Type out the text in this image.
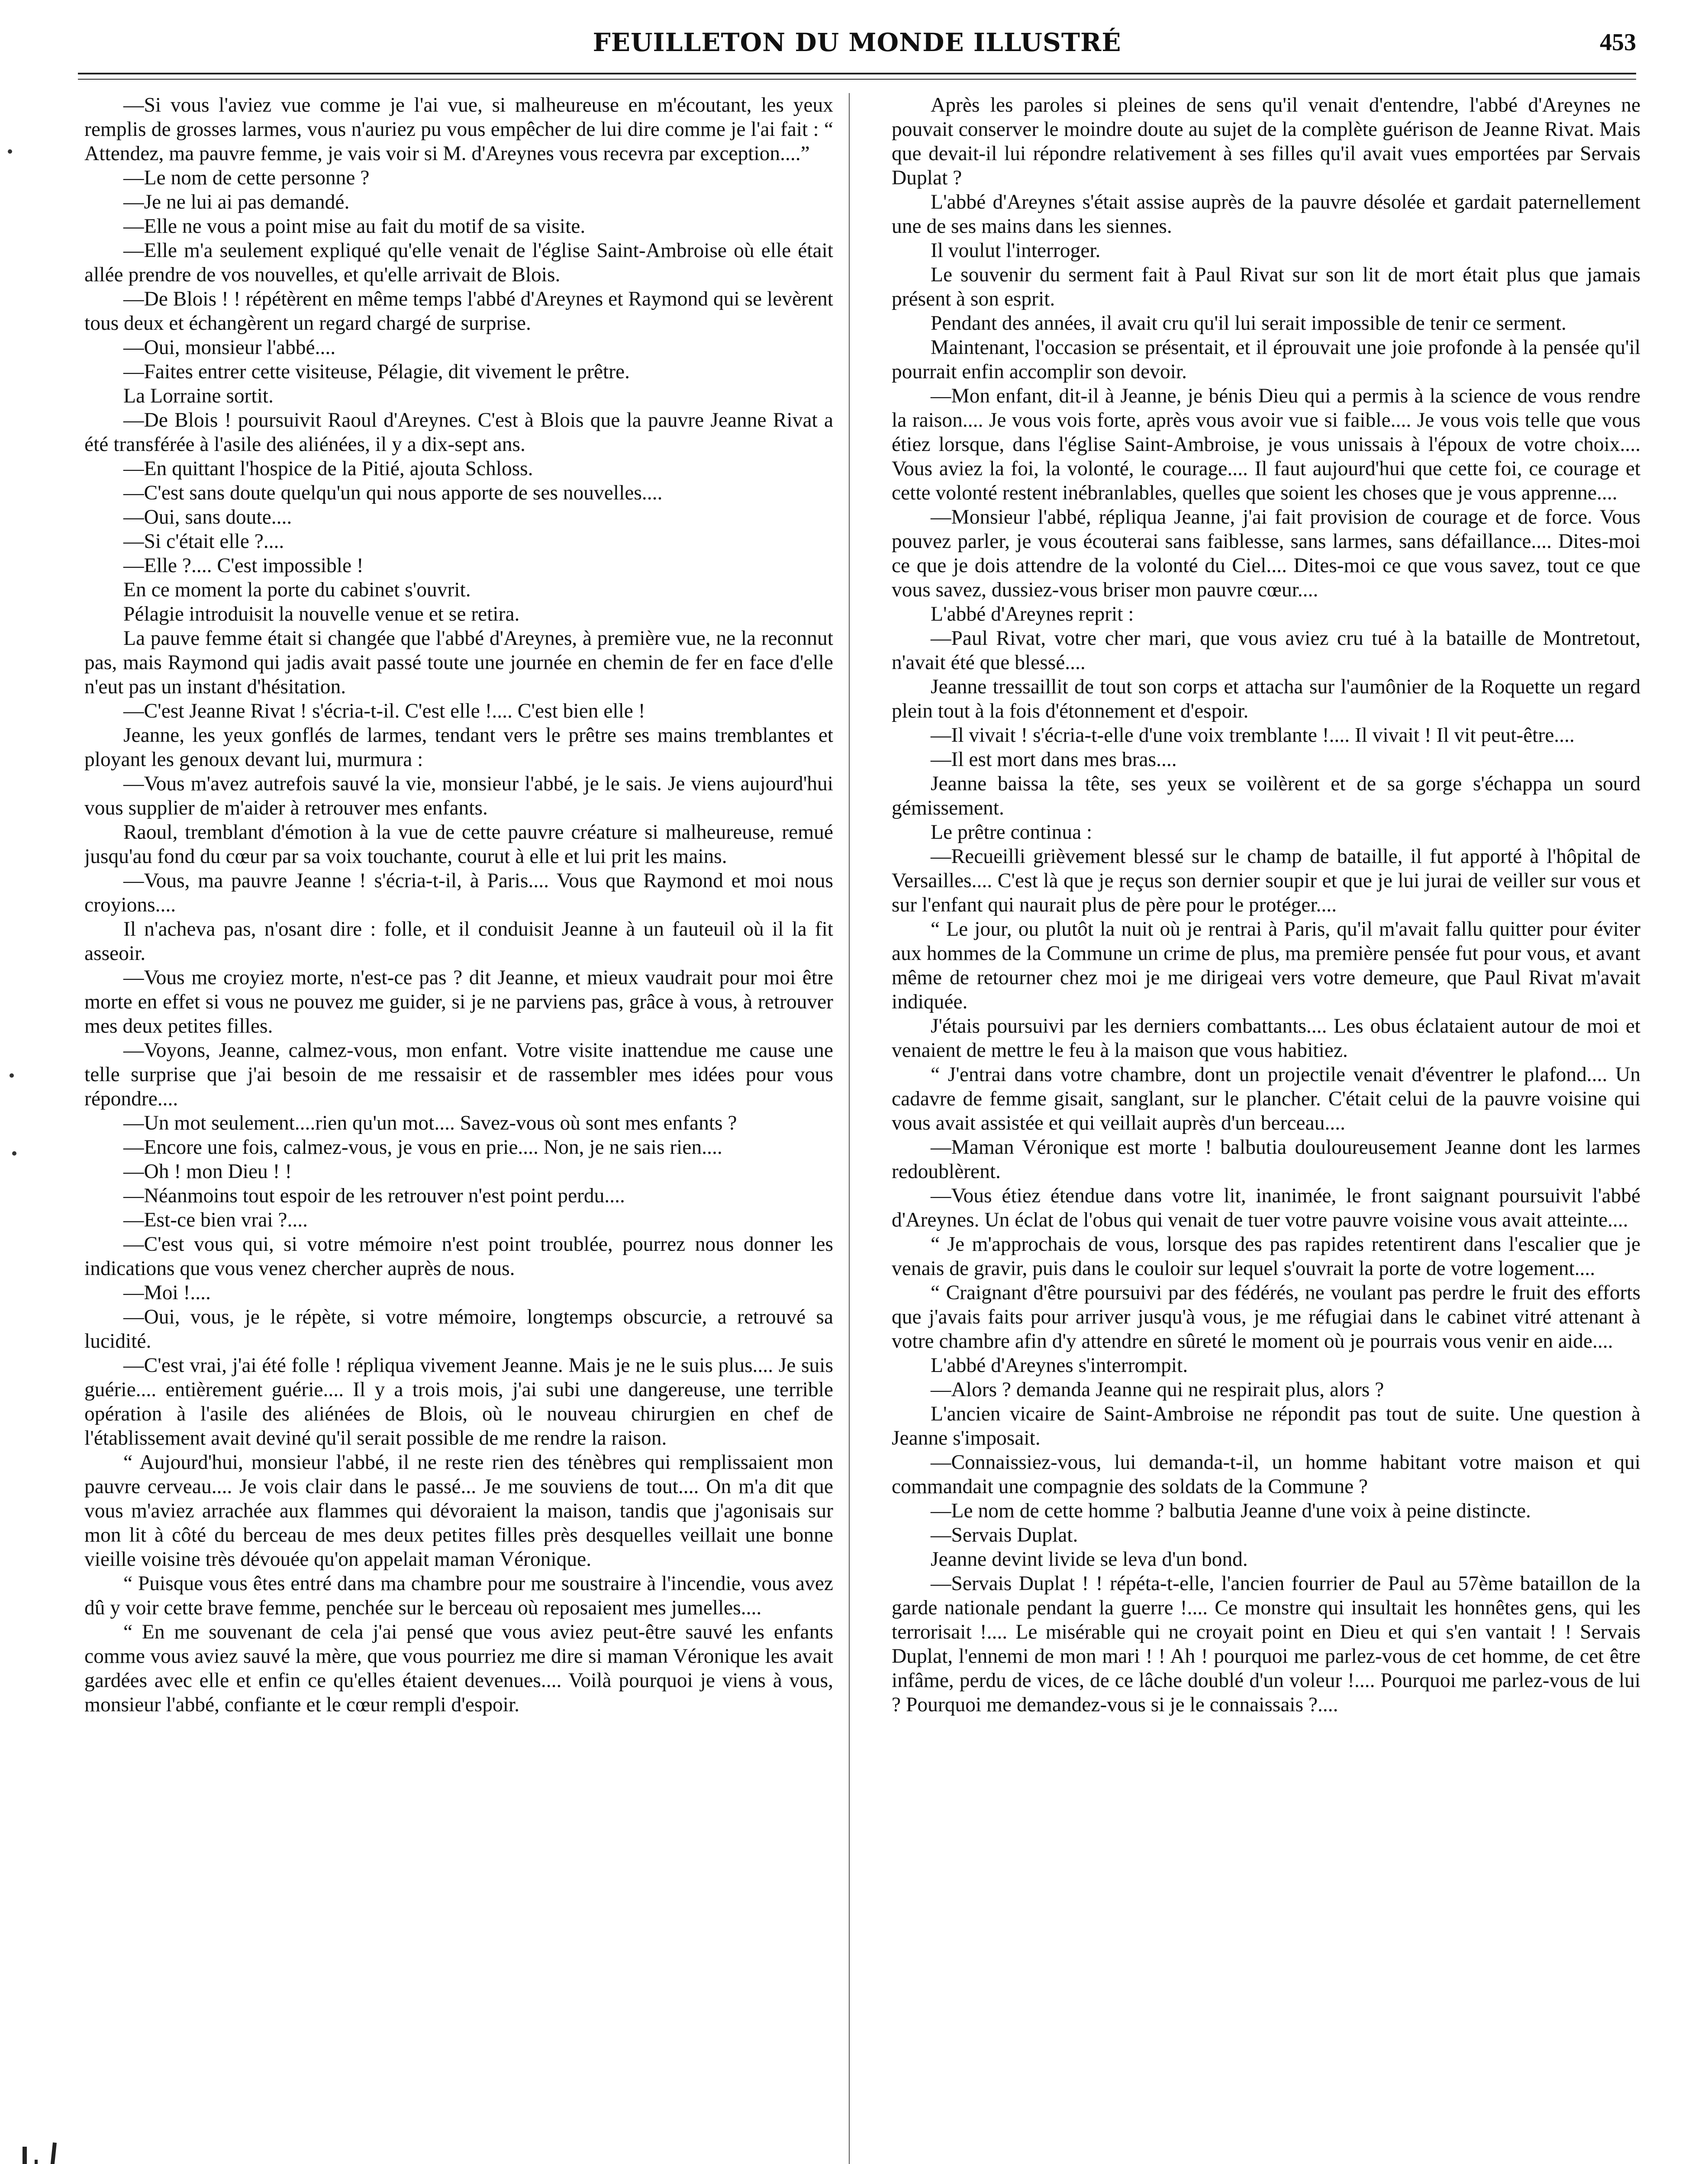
FEUILLETON DU MONDE ILLUSTRÉ	453

—Si vous l'aviez vue comme je l'ai vue, si malheureuse en m'écoutant, les yeux remplis de grosses larmes, vous n'auriez pu vous empêcher de lui dire comme je l'ai fait : “ Attendez, ma pauvre femme, je vais voir si M. d'Areynes vous recevra par exception....”

—Le nom de cette personne ?

—Je ne lui ai pas demandé.

—Elle ne vous a point mise au fait du motif de sa visite.

—Elle m'a seulement expliqué qu'elle venait de l'église Saint-Ambroise où elle était allée prendre de vos nouvelles, et qu'elle arrivait de Blois.

—De Blois ! ! répétèrent en même temps l'abbé d'Areynes et Raymond qui se levèrent tous deux et échangèrent un regard chargé de surprise.

—Oui, monsieur l'abbé....

—Faites entrer cette visiteuse, Pélagie, dit vivement le prêtre.

La Lorraine sortit.

—De Blois ! poursuivit Raoul d'Areynes. C'est à Blois que la pauvre Jeanne Rivat a été transférée à l'asile des aliénées, il y a dix-sept ans.

—En quittant l'hospice de la Pitié, ajouta Schloss.

—C'est sans doute quelqu'un qui nous apporte de ses nouvelles....

—Oui, sans doute....

—Si c'était elle ?....

—Elle ?.... C'est impossible !

En ce moment la porte du cabinet s'ouvrit.

Pélagie introduisit la nouvelle venue et se retira.

La pauve femme était si changée que l'abbé d'Areynes, à première vue, ne la reconnut pas, mais Raymond qui jadis avait passé toute une journée en chemin de fer en face d'elle n'eut pas un instant d'hésitation.

—C'est Jeanne Rivat ! s'écria-t-il. C'est elle !.... C'est bien elle !

Jeanne, les yeux gonflés de larmes, tendant vers le prêtre ses mains tremblantes et ployant les genoux devant lui, murmura :

—Vous m'avez autrefois sauvé la vie, monsieur l'abbé, je le sais. Je viens aujourd'hui vous supplier de m'aider à retrouver mes enfants.

Raoul, tremblant d'émotion à la vue de cette pauvre créature si malheureuse, remué jusqu'au fond du cœur par sa voix touchante, courut à elle et lui prit les mains.

—Vous, ma pauvre Jeanne ! s'écria-t-il, à Paris.... Vous que Raymond et moi nous croyions....

Il n'acheva pas, n'osant dire : folle, et il conduisit Jeanne à un fauteuil où il la fit asseoir.

—Vous me croyiez morte, n'est-ce pas ? dit Jeanne, et mieux vaudrait pour moi être morte en effet si vous ne pouvez me guider, si je ne parviens pas, grâce à vous, à retrouver mes deux petites filles.

—Voyons, Jeanne, calmez-vous, mon enfant. Votre visite inattendue me cause une telle surprise que j'ai besoin de me ressaisir et de rassembler mes idées pour vous répondre....

—Un mot seulement....rien qu'un mot.... Savez-vous où sont mes enfants ?

—Encore une fois, calmez-vous, je vous en prie.... Non, je ne sais rien....

—Oh ! mon Dieu ! !

—Néanmoins tout espoir de les retrouver n'est point perdu....

—Est-ce bien vrai ?....

—C'est vous qui, si votre mémoire n'est point troublée, pourrez nous donner les indications que vous venez chercher auprès de nous.

—Moi !....

—Oui, vous, je le répète, si votre mémoire, longtemps obscurcie, a retrouvé sa lucidité.

—C'est vrai, j'ai été folle ! répliqua vivement Jeanne. Mais je ne le suis plus.... Je suis guérie.... entièrement guérie.... Il y a trois mois, j'ai subi une dangereuse, une terrible opération à l'asile des aliénées de Blois, où le nouveau chirurgien en chef de l'établissement avait deviné qu'il serait possible de me rendre la raison.

“ Aujourd'hui, monsieur l'abbé, il ne reste rien des ténèbres qui remplissaient mon pauvre cerveau.... Je vois clair dans le passé... Je me souviens de tout.... On m'a dit que vous m'aviez arrachée aux flammes qui dévoraient la maison, tandis que j'agonisais sur mon lit à côté du berceau de mes deux petites filles près desquelles veillait une bonne vieille voisine très dévouée qu'on appelait maman Véronique.

“ Puisque vous êtes entré dans ma chambre pour me soustraire à l'incendie, vous avez dû y voir cette brave femme, penchée sur le berceau où reposaient mes jumelles....

“ En me souvenant de cela j'ai pensé que vous aviez peut-être sauvé les enfants comme vous aviez sauvé la mère, que vous pourriez me dire si maman Véronique les avait gardées avec elle et enfin ce qu'elles étaient devenues.... Voilà pourquoi je viens à vous, monsieur l'abbé, confiante et le cœur rempli d'espoir.

Après les paroles si pleines de sens qu'il venait d'entendre, l'abbé d'Areynes ne pouvait conserver le moindre doute au sujet de la complète guérison de Jeanne Rivat. Mais que devait-il lui répondre relativement à ses filles qu'il avait vues emportées par Servais Duplat ?

L'abbé d'Areynes s'était assise auprès de la pauvre désolée et gardait paternellement une de ses mains dans les siennes.

Il voulut l'interroger.

Le souvenir du serment fait à Paul Rivat sur son lit de mort était plus que jamais présent à son esprit.

Pendant des années, il avait cru qu'il lui serait impossible de tenir ce serment.

Maintenant, l'occasion se présentait, et il éprouvait une joie profonde à la pensée qu'il pourrait enfin accomplir son devoir.

—Mon enfant, dit-il à Jeanne, je bénis Dieu qui a permis à la science de vous rendre la raison.... Je vous vois forte, après vous avoir vue si faible.... Je vous vois telle que vous étiez lorsque, dans l'église Saint-Ambroise, je vous unissais à l'époux de votre choix.... Vous aviez la foi, la volonté, le courage.... Il faut aujourd'hui que cette foi, ce courage et cette volonté restent inébranlables, quelles que soient les choses que je vous apprenne....

—Monsieur l'abbé, répliqua Jeanne, j'ai fait provision de courage et de force. Vous pouvez parler, je vous écouterai sans faiblesse, sans larmes, sans défaillance.... Dites-moi ce que je dois attendre de la volonté du Ciel.... Dites-moi ce que vous savez, tout ce que vous savez, dussiez-vous briser mon pauvre cœur....

L'abbé d'Areynes reprit :

—Paul Rivat, votre cher mari, que vous aviez cru tué à la bataille de Montretout, n'avait été que blessé....

Jeanne tressaillit de tout son corps et attacha sur l'aumônier de la Roquette un regard plein tout à la fois d'étonnement et d'espoir.

—Il vivait ! s'écria-t-elle d'une voix tremblante !.... Il vivait ! Il vit peut-être....

—Il est mort dans mes bras....

Jeanne baissa la tête, ses yeux se voilèrent et de sa gorge s'échappa un sourd gémissement.

Le prêtre continua :

—Recueilli grièvement blessé sur le champ de bataille, il fut apporté à l'hôpital de Versailles.... C'est là que je reçus son dernier soupir et que je lui jurai de veiller sur vous et sur l'enfant qui naurait plus de père pour le protéger....

“ Le jour, ou plutôt la nuit où je rentrai à Paris, qu'il m'avait fallu quitter pour éviter aux hommes de la Commune un crime de plus, ma première pensée fut pour vous, et avant même de retourner chez moi je me dirigeai vers votre demeure, que Paul Rivat m'avait indiquée.

J'étais poursuivi par les derniers combattants.... Les obus éclataient autour de moi et venaient de mettre le feu à la maison que vous habitiez.

“ J'entrai dans votre chambre, dont un projectile venait d'éventrer le plafond.... Un cadavre de femme gisait, sanglant, sur le plancher. C'était celui de la pauvre voisine qui vous avait assistée et qui veillait auprès d'un berceau....

—Maman Véronique est morte ! balbutia douloureusement Jeanne dont les larmes redoublèrent.

—Vous étiez étendue dans votre lit, inanimée, le front saignant poursuivit l'abbé d'Areynes. Un éclat de l'obus qui venait de tuer votre pauvre voisine vous avait atteinte....

“ Je m'approchais de vous, lorsque des pas rapides retentirent dans l'escalier que je venais de gravir, puis dans le couloir sur lequel s'ouvrait la porte de votre logement....

“ Craignant d'être poursuivi par des fédérés, ne voulant pas perdre le fruit des efforts que j'avais faits pour arriver jusqu'à vous, je me réfugiai dans le cabinet vitré attenant à votre chambre afin d'y attendre en sûreté le moment où je pourrais vous venir en aide....

L'abbé d'Areynes s'interrompit.

—Alors ? demanda Jeanne qui ne respirait plus, alors ?

L'ancien vicaire de Saint-Ambroise ne répondit pas tout de suite. Une question à Jeanne s'imposait.

—Connaissiez-vous, lui demanda-t-il, un homme habitant votre maison et qui commandait une compagnie des soldats de la Commune ?

—Le nom de cette homme ? balbutia Jeanne d'une voix à peine distincte.

—Servais Duplat.

Jeanne devint livide se leva d'un bond.

—Servais Duplat ! ! répéta-t-elle, l'ancien fourrier de Paul au 57ème bataillon de la garde nationale pendant la guerre !.... Ce monstre qui insultait les honnêtes gens, qui les terrorisait !.... Le misérable qui ne croyait point en Dieu et qui s'en vantait ! ! Servais Duplat, l'ennemi de mon mari ! ! Ah ! pourquoi me parlez-vous de cet homme, de cet être infâme, perdu de vices, de ce lâche doublé d'un voleur !.... Pourquoi me parlez-vous de lui ? Pourquoi me demandez-vous si je le connaissais ?....
